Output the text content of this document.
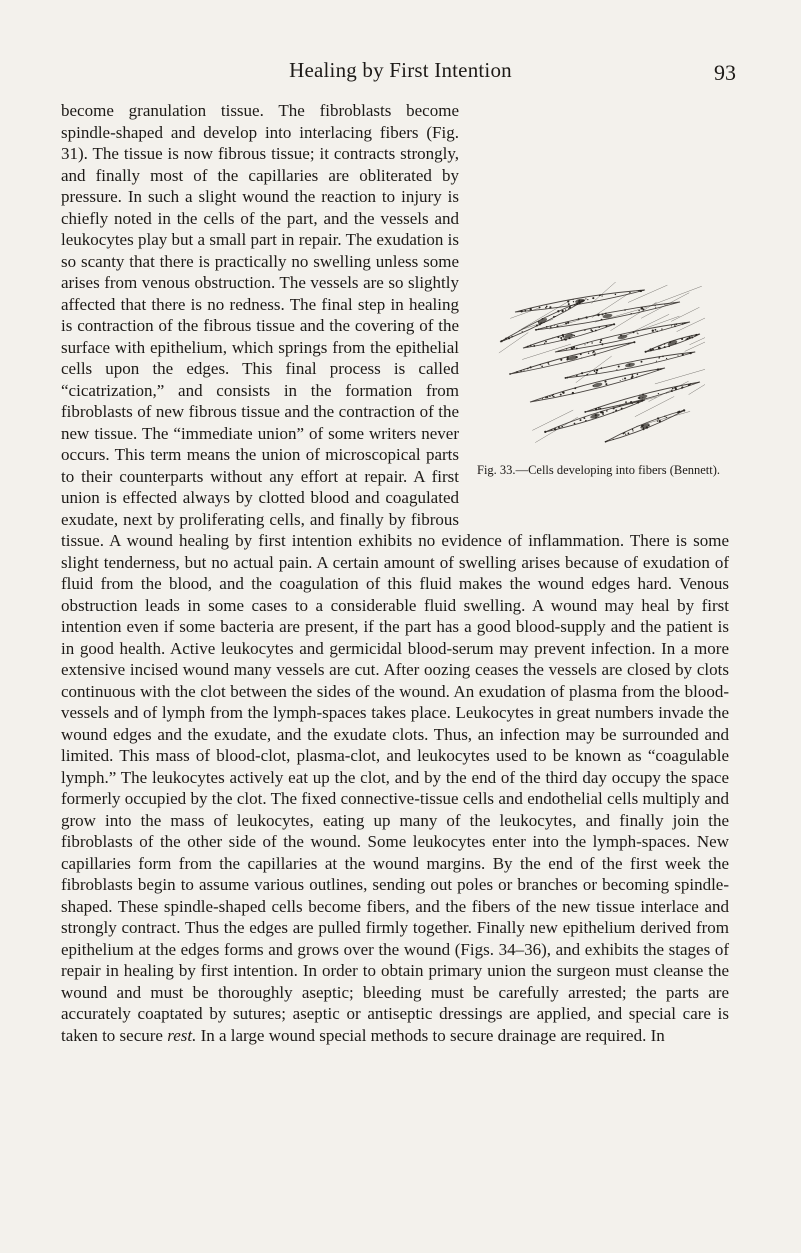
Healing by First Intention	93
Fig. 33.—Cells developing into fibers (Bennett).

become granulation tissue. The fibroblasts become spindle-shaped and develop into interlacing fibers (Fig. 31). The tissue is now fibrous tissue; it contracts strongly, and finally most of the capillaries are obliterated by pressure. In such a slight wound the reaction to injury is chiefly noted in the cells of the part, and the vessels and leukocytes play but a small part in repair. The exudation is so scanty that there is practically no swelling unless some arises from venous obstruction. The vessels are so slightly affected that there is no redness. The final step in healing is contraction of the fibrous tissue and the covering of the surface with epithelium, which springs from the epithelial cells upon the edges. This final process is called “cicatrization,” and consists in the formation from fibroblasts of new fibrous tissue and the contraction of the new tissue. The “immediate union” of some writers never occurs. This term means the union of microscopical parts to their counterparts without any effort at repair. A first union is effected always by clotted blood and coagulated exudate, next by proliferating cells, and finally by fibrous tissue. A wound healing by first intention exhibits no evidence of inflammation. There is some slight tenderness, but no actual pain. A certain amount of swelling arises because of exudation of fluid from the blood, and the coagulation of this fluid makes the wound edges hard. Venous obstruction leads in some cases to a considerable fluid swelling. A wound may heal by first intention even if some bacteria are present, if the part has a good blood-supply and the patient is in good health. Active leukocytes and germicidal blood-serum may prevent infection. In a more extensive incised wound many vessels are cut. After oozing ceases the vessels are closed by clots continuous with the clot between the sides of the wound. An exudation of plasma from the blood-vessels and of lymph from the lymph-spaces takes place. Leukocytes in great numbers invade the wound edges and the exudate, and the exudate clots. Thus, an infection may be surrounded and limited. This mass of blood-clot, plasma-clot, and leukocytes used to be known as “coagulable lymph.” The leukocytes actively eat up the clot, and by the end of the third day occupy the space formerly occupied by the clot. The fixed connective-tissue cells and endothelial cells multiply and grow into the mass of leukocytes, eating up many of the leukocytes, and finally join the fibroblasts of the other side of the wound. Some leukocytes enter into the lymph-spaces. New capillaries form from the capillaries at the wound margins. By the end of the first week the fibroblasts begin to assume various outlines, sending out poles or branches or becoming spindle-shaped. These spindle-shaped cells become fibers, and the fibers of the new tissue interlace and strongly contract. Thus the edges are pulled firmly together. Finally new epithelium derived from epithelium at the edges forms and grows over the wound (Figs. 34–36), and exhibits the stages of repair in healing by first intention. In order to obtain primary union the surgeon must cleanse the wound and must be thoroughly aseptic; bleeding must be carefully arrested; the parts are accurately coaptated by sutures; aseptic or antiseptic dressings are applied, and special care is taken to secure rest. In a large wound special methods to secure drainage are required. In
